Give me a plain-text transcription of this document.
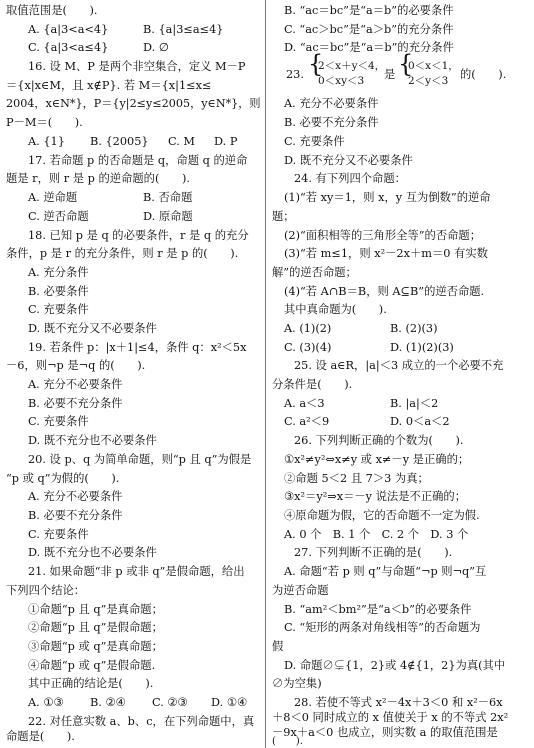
取值范围是(　　).
A. {a|3<a<4}	B. {a|3≤a≤4}
C. {a|3<a≤4}	D. ∅
16. 设 M、P 是两个非空集合，定义 M－P
＝{x|x∈M，且 x∉P}. 若 M＝{x|1≤x≤
2004，x∈N*}，P＝{y|2≤y≤2005，y∈N*}，则
P－M＝(　　).
A. {1} B. {2005} C. M D. P
17. 若命题 p 的否命题是 q，命题 q 的逆命
题是 r，则 r 是 p 的逆命题的(　　).
A. 逆命题	B. 否命题
C. 逆否命题	D. 原命题
18. 已知 p 是 q 的必要条件，r 是 q 的充分
条件，p 是 r 的充分条件，则 r 是 p 的(　　).
A. 充分条件
B. 必要条件
C. 充要条件
D. 既不充分又不必要条件
19. 若条件 p：|x＋1|≤4，条件 q：x²＜5x
－6，则¬p 是¬q 的(　　).
A. 充分不必要条件
B. 必要不充分条件
C. 充要条件
D. 既不充分也不必要条件
20. 设 p、q 为简单命题，则“p 且 q”为假是
“p 或 q”为假的(　　).
A. 充分不必要条件
B. 必要不充分条件
C. 充要条件
D. 既不充分也不必要条件
21. 如果命题“非 p 或非 q”是假命题，给出
下列四个结论：
①命题“p 且 q”是真命题；
②命题“p 且 q”是假命题；
③命题“p 或 q”是真命题；
④命题“p 或 q”是假命题.
其中正确的结论是(　　).
A. ①③ B. ②④ C. ②③ D. ①④
22. 对任意实数 a、b、c，在下列命题中，真
命题是(　　).
B. “ac＝bc”是“a＝b”的必要条件
C. “ac＞bc”是“a＞b”的充分条件
D. “ac＝bc”是“a＝b”的充分条件
23. {
2＜x＋y＜4，
0＜xy＜3 是 {
0＜x＜1，
2＜y＜3 的(　　).
A. 充分不必要条件
B. 必要不充分条件
C. 充要条件
D. 既不充分又不必要条件
24. 有下列四个命题：
(1)“若 xy＝1，则 x，y 互为倒数”的逆命
题；
(2)“面积相等的三角形全等”的否命题；
(3)“若 m≤1，则 x²－2x＋m＝0 有实数
解”的逆否命题；
(4)“若 A∩B＝B，则 A⊆B”的逆否命题.
其中真命题为(　　).
A. (1)(2)	B. (2)(3)
C. (3)(4)	D. (1)(2)(3)
25. 设 a∈R，|a|＜3 成立的一个必要不充
分条件是(　　).
A. a＜3	B. |a|＜2
C. a²＜9	D. 0＜a＜2
26. 下列判断正确的个数为(　　).
①x²≠y²⇔x≠y 或 x≠－y 是正确的；
②命题 5＜2 且 7＞3 为真；
③x²＝y²⇒x＝－y 说法是不正确的；
④原命题为假，它的否命题不一定为假.
A. 0 个　B. 1 个　C. 2 个　D. 3 个
27. 下列判断不正确的是(　　).
A. 命题“若 p 则 q”与命题“¬p 则¬q”互
为逆否命题
B. “am²＜bm²”是“a＜b”的必要条件
C. “矩形的两条对角线相等”的否命题为
假
D. 命题∅⊊{1，2}或 4∉{1，2}为真(其中
∅为空集)
28. 若使不等式 x²－4x＋3＜0 和 x²－6x
＋8＜0 同时成立的 x 值使关于 x 的不等式 2x²
－9x＋a＜0 也成立，则实数 a 的取值范围是
(　　).
